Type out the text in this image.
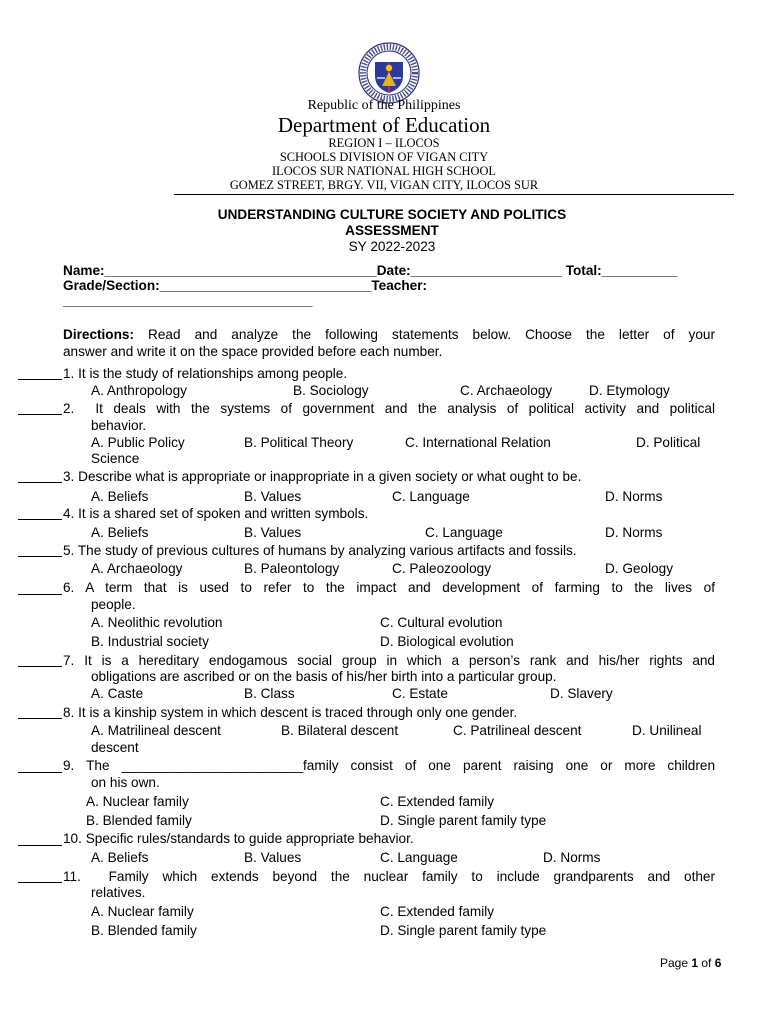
Republic of the Philippines
Department of Education
REGION I – ILOCOS
SCHOOLS DIVISION OF VIGAN CITY
ILOCOS SUR NATIONAL HIGH SCHOOL
GOMEZ STREET, BRGY. VII, VIGAN CITY, ILOCOS SUR
UNDERSTANDING CULTURE SOCIETY AND POLITICS
ASSESSMENT
SY 2022-2023
Name:____________________________________Date:____________________ Total:__________
Grade/Section:____________________________Teacher:
_________________________________
Directions: Read and analyze the following statements below. Choose the letter of your
answer and write it on the space provided before each number.
1. It is the study of relationships among people.
A. Anthropology	B. Sociology	C. Archaeology	D. Etymology
2. It deals with the systems of government and the analysis of political activity and political
behavior.
A. Public Policy	B. Political Theory	C. International Relation	D. Political
Science
3. Describe what is appropriate or inappropriate in a given society or what ought to be.
A. Beliefs	B. Values	C. Language	D. Norms
4. It is a shared set of spoken and written symbols.
A. Beliefs	B. Values	C. Language	D. Norms
5. The study of previous cultures of humans by analyzing various artifacts and fossils.
A. Archaeology	B. Paleontology	C. Paleozoology	D. Geology
6. A term that is used to refer to the impact and development of farming to the lives of
people.
A. Neolithic revolution	C. Cultural evolution
B. Industrial society	D. Biological evolution
7. It is a hereditary endogamous social group in which a person’s rank and his/her rights and
obligations are ascribed or on the basis of his/her birth into a particular group.
A. Caste	B. Class	C. Estate	D. Slavery
8. It is a kinship system in which descent is traced through only one gender.
A. Matrilineal descent	B. Bilateral descent	C. Patrilineal descent	D. Unilineal
descent
9. The ________________________family consist of one parent raising one or more children
on his own.
A. Nuclear family	C. Extended family
B. Blended family	D. Single parent family type
10. Specific rules/standards to guide appropriate behavior.
A. Beliefs	B. Values	C. Language	D. Norms
11. Family which extends beyond the nuclear family to include grandparents and other
relatives.
A. Nuclear family	C. Extended family
B. Blended family	D. Single parent family type
Page 1 of 6
